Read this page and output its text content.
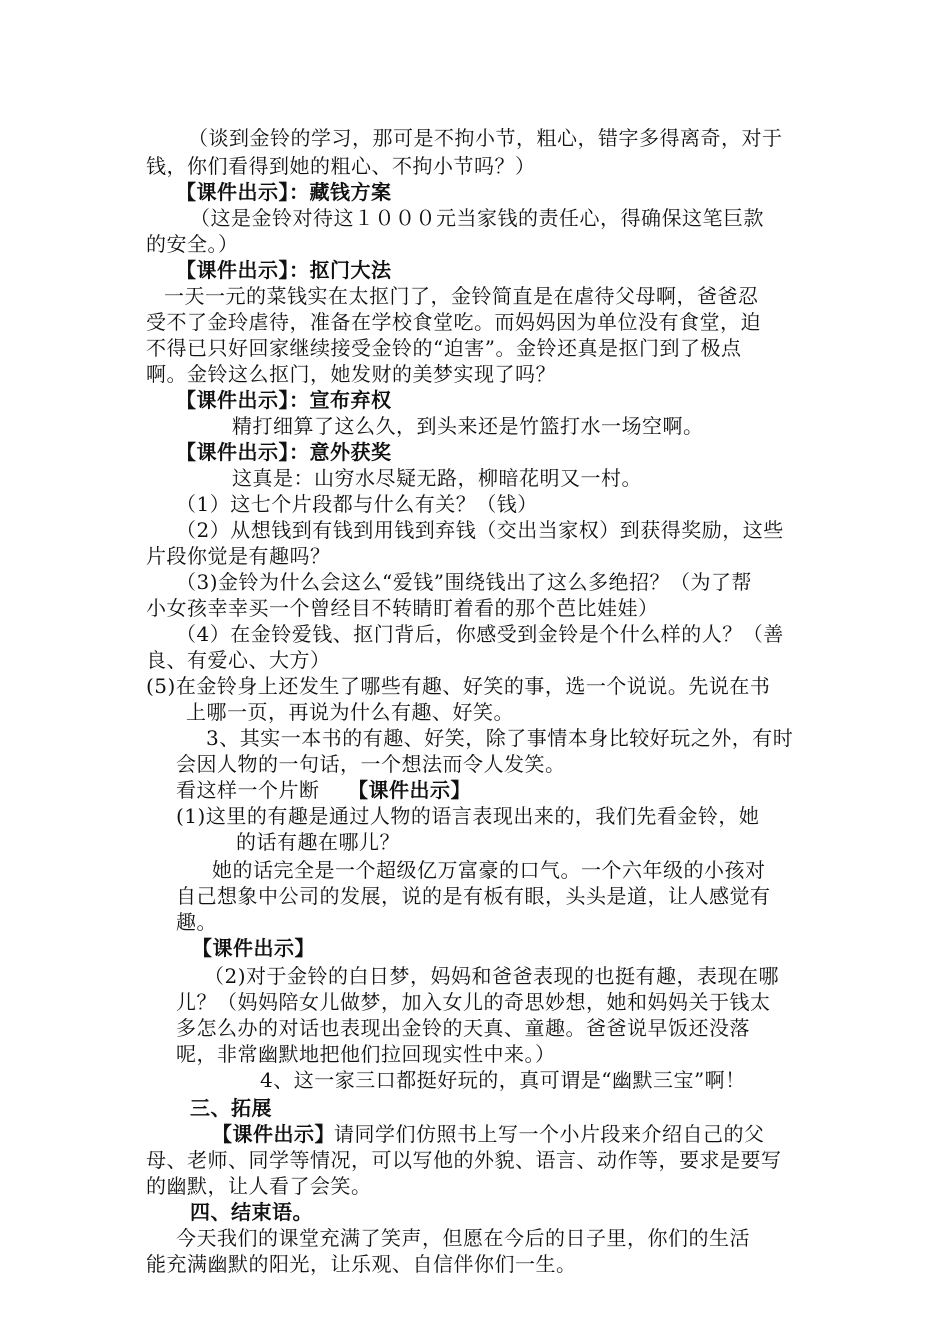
（谈到金铃的学习，那可是不拘小节，粗心，错字多得离奇，对于
钱，你们看得到她的粗心、不拘小节吗？）
【课件出示】：藏钱方案
（这是金铃对待这１０００元当家钱的责任心，得确保这笔巨款
的安全。）
【课件出示】：抠门大法
一天一元的菜钱实在太抠门了，金铃简直是在虐待父母啊，爸爸忍
受不了金玲虐待，准备在学校食堂吃。而妈妈因为单位没有食堂，迫
不得已只好回家继续接受金铃的“迫害”。金铃还真是抠门到了极点
啊。金铃这么抠门，她发财的美梦实现了吗？
【课件出示】：宣布弃权
精打细算了这么久，到头来还是竹篮打水一场空啊。
【课件出示】：意外获奖
这真是：山穷水尽疑无路，柳暗花明又一村。
（1）这七个片段都与什么有关？（钱）
（2）从想钱到有钱到用钱到弃钱（交出当家权）到获得奖励，这些
片段你觉是有趣吗？
（3)金铃为什么会这么“爱钱”围绕钱出了这么多绝招？（为了帮
小女孩幸幸买一个曾经目不转睛盯着看的那个芭比娃娃）
（4）在金铃爱钱、抠门背后，你感受到金铃是个什么样的人？（善
良、有爱心、大方）
(5)在金铃身上还发生了哪些有趣、好笑的事，选一个说说。先说在书
上哪一页，再说为什么有趣、好笑。
3、其实一本书的有趣、好笑，除了事情本身比较好玩之外，有时
会因人物的一句话，一个想法而令人发笑。
看这样一个片断 【课件出示】
(1)这里的有趣是通过人物的语言表现出来的，我们先看金铃，她
的话有趣在哪儿？
她的话完全是一个超级亿万富豪的口气。一个六年级的小孩对
自己想象中公司的发展，说的是有板有眼，头头是道，让人感觉有
趣。
【课件出示】
（2)对于金铃的白日梦，妈妈和爸爸表现的也挺有趣，表现在哪
儿？（妈妈陪女儿做梦，加入女儿的奇思妙想，她和妈妈关于钱太
多怎么办的对话也表现出金铃的天真、童趣。爸爸说早饭还没落
呢，非常幽默地把他们拉回现实性中来。）
4、这一家三口都挺好玩的，真可谓是“幽默三宝”啊！
三、拓展
【课件出示】 请同学们仿照书上写一个小片段来介绍自己的父
母、老师、同学等情况，可以写他的外貌、语言、动作等，要求是要写
的幽默，让人看了会笑。
四、结束语。
今天我们的课堂充满了笑声，但愿在今后的日子里，你们的生活
能充满幽默的阳光，让乐观、自信伴你们一生。
